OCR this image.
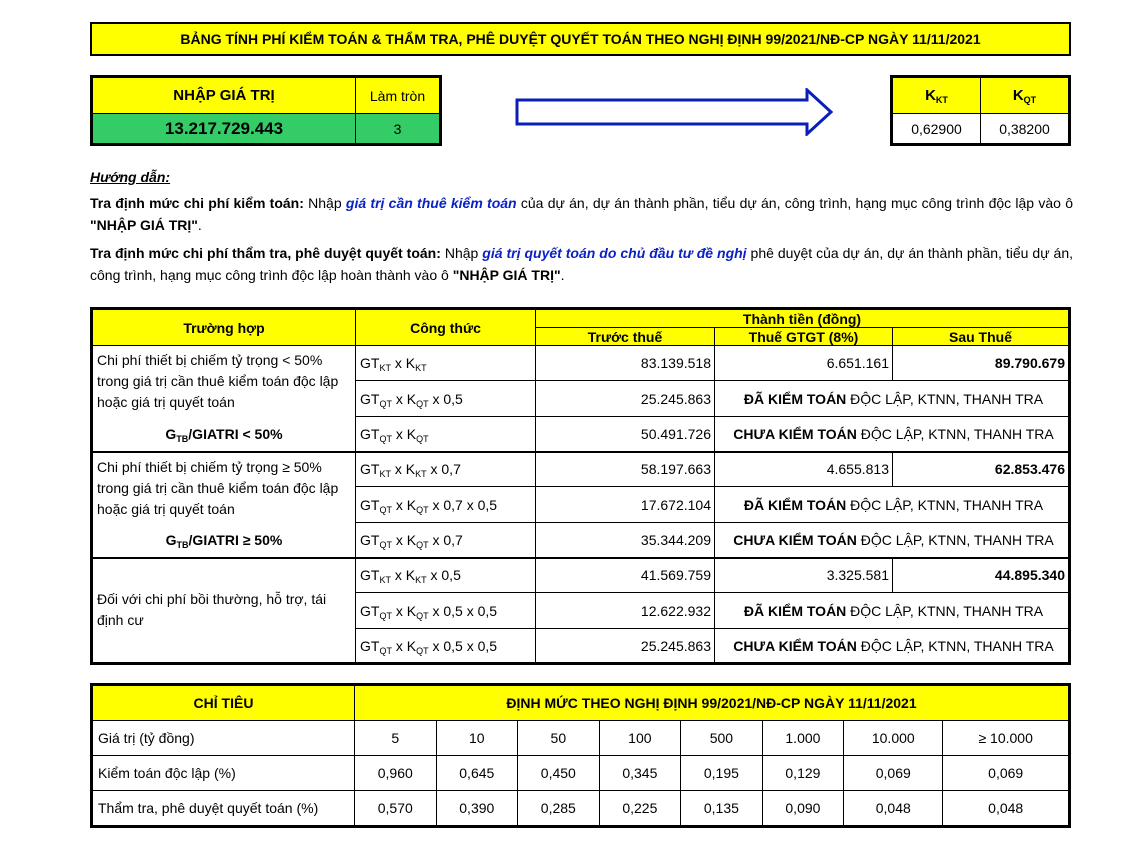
BẢNG TÍNH PHÍ KIỂM TOÁN & THẨM TRA, PHÊ DUYỆT QUYẾT TOÁN THEO NGHỊ ĐỊNH 99/2021/NĐ-CP NGÀY 11/11/2021
NHẬP GIÁ TRỊ	Làm tròn
13.217.729.443	3
$K_{KT}$	$K_{QT}$
0,62900	0,38200

Hướng dẫn:

Tra định mức chi phí kiểm toán: Nhập giá trị cần thuê kiểm toán của dự án, dự án thành phần, tiểu dự án, công trình, hạng mục công trình độc lập vào ô "NHẬP GIÁ TRỊ".

Tra định mức chi phí thẩm tra, phê duyệt quyết toán: Nhập giá trị quyết toán do chủ đầu tư đề nghị phê duyệt của dự án, dự án thành phần, tiểu dự án, công trình, hạng mục công trình độc lập hoàn thành vào ô "NHẬP GIÁ TRỊ".

Trường hợp	Công thức	Thành tiền (đồng)		
		Trước thuế	Thuế GTGT (8%)	Sau Thuế
Chi phí thiết bị chiếm tỷ trọng < 50% trong giá trị cần thuê kiểm toán độc lập hoặc giá trị quyết toán
$G_{TB}$/GIATRI < 50%	$GT_{KT}$ x $K_{KT}$	83.139.518	6.651.161	89.790.679
	$GT_{QT}$ x $K_{QT}$ x 0,5	25.245.863	ĐÃ KIỂM TOÁN ĐỘC LẬP, KTNN, THANH TRA	
	$GT_{QT}$ x $K_{QT}$	50.491.726	CHƯA KIỂM TOÁN ĐỘC LẬP, KTNN, THANH TRA	
Chi phí thiết bị chiếm tỷ trọng ≥ 50% trong giá trị cần thuê kiểm toán độc lập hoặc giá trị quyết toán
$G_{TB}$/GIATRI ≥ 50%	$GT_{KT}$ x $K_{KT}$ x 0,7	58.197.663	4.655.813	62.853.476
	$GT_{QT}$ x $K_{QT}$ x 0,7 x 0,5	17.672.104	ĐÃ KIỂM TOÁN ĐỘC LẬP, KTNN, THANH TRA	
	$GT_{QT}$ x $K_{QT}$ x 0,7	35.344.209	CHƯA KIỂM TOÁN ĐỘC LẬP, KTNN, THANH TRA	
Đối với chi phí bồi thường, hỗ trợ, tái định cư	$GT_{KT}$ x $K_{KT}$ x 0,5	41.569.759	3.325.581	44.895.340
	$GT_{QT}$ x $K_{QT}$ x 0,5 x 0,5	12.622.932	ĐÃ KIỂM TOÁN ĐỘC LẬP, KTNN, THANH TRA	
	$GT_{QT}$ x $K_{QT}$ x 0,5 x 0,5	25.245.863	CHƯA KIỂM TOÁN ĐỘC LẬP, KTNN, THANH TRA	
CHỈ TIÊU	ĐỊNH MỨC THEO NGHỊ ĐỊNH 99/2021/NĐ-CP NGÀY 11/11/2021							
Giá trị (tỷ đồng)	5	10	50	100	500	1.000	10.000	≥ 10.000
Kiểm toán độc lập (%)	0,960	0,645	0,450	0,345	0,195	0,129	0,069	0,069
Thẩm tra, phê duyệt quyết toán (%)	0,570	0,390	0,285	0,225	0,135	0,090	0,048	0,048
